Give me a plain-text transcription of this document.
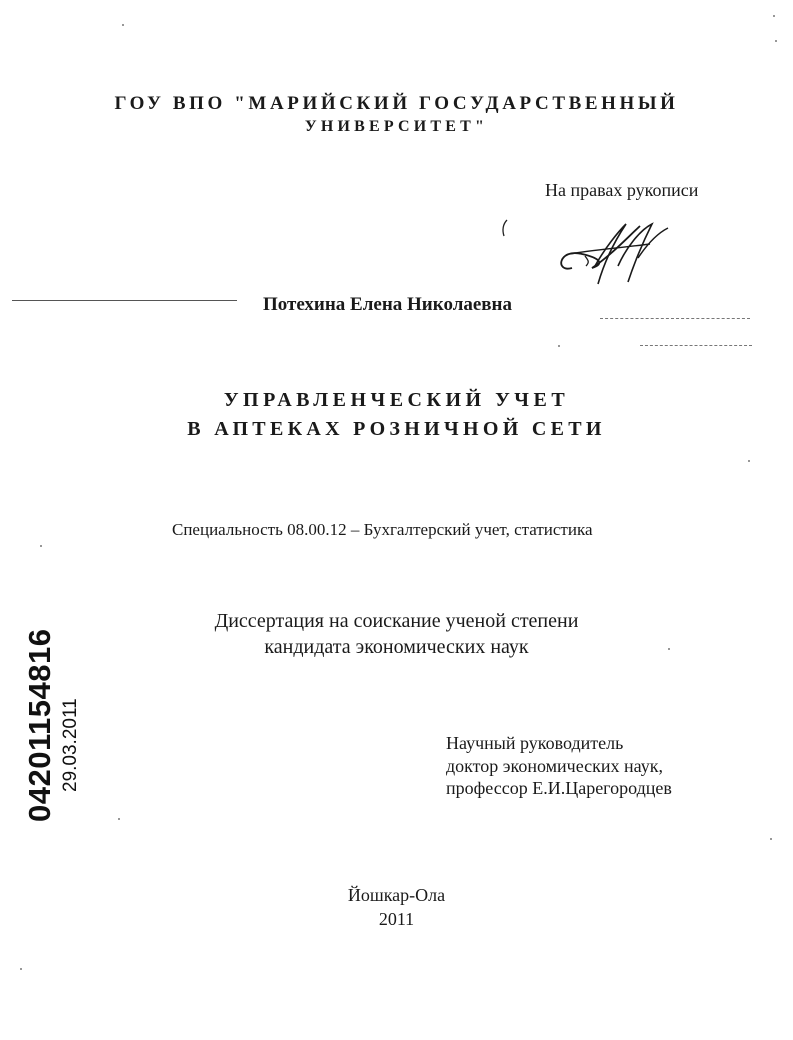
ГОУ ВПО "МАРИЙСКИЙ ГОСУДАРСТВЕННЫЙ
УНИВЕРСИТЕТ"
На правах рукописи
Потехина Елена Николаевна
УПРАВЛЕНЧЕСКИЙ УЧЕТ
В АПТЕКАХ РОЗНИЧНОЙ СЕТИ
Специальность 08.00.12 – Бухгалтерский учет, статистика
Диссертация на соискание ученой степени
кандидата экономических наук
Научный руководитель
доктор экономических наук,
профессор Е.И.Царегородцев
Йошкар-Ола
2011
04201154816 29.03.2011
